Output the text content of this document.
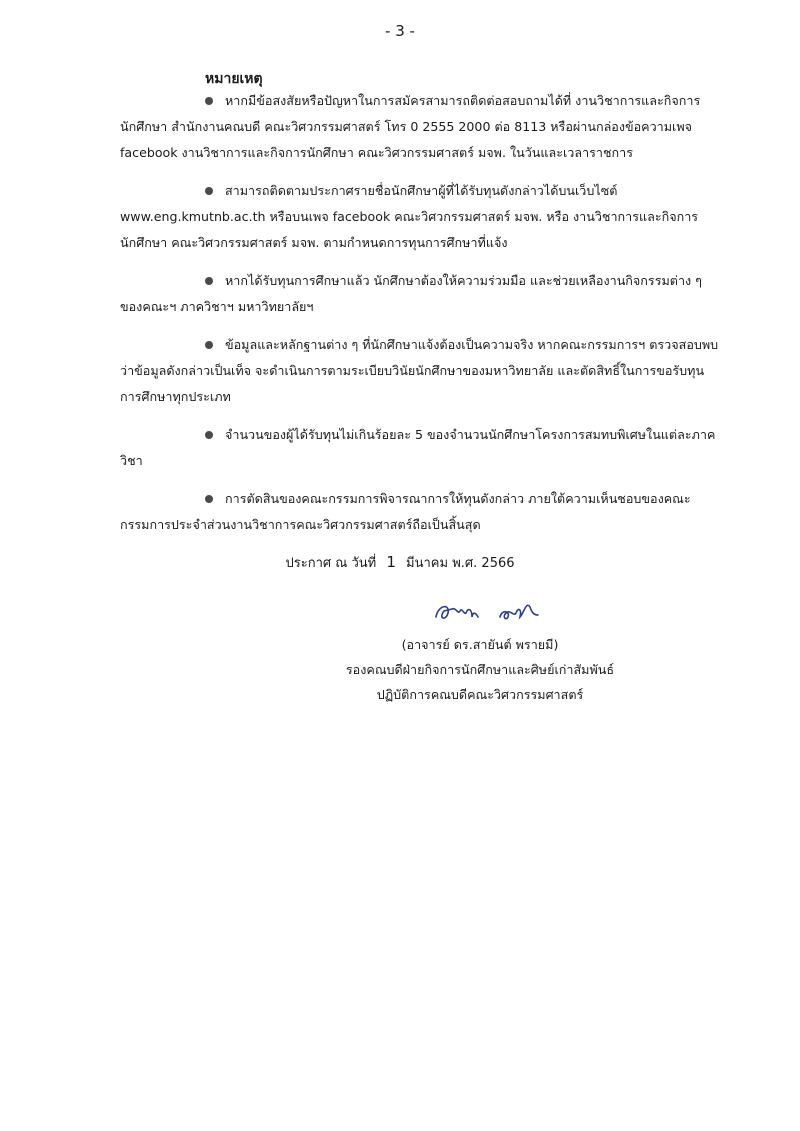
- 3 -
หมายเหตุ
หากมีข้อสงสัยหรือปัญหาในการสมัครสามารถติดต่อสอบถามได้ที่ งานวิชาการและกิจการนักศึกษา สำนักงานคณบดี คณะวิศวกรรมศาสตร์ โทร 0 2555 2000 ต่อ 8113 หรือผ่านกล่องข้อความเพจ facebook งานวิชาการและกิจการนักศึกษา คณะวิศวกรรมศาสตร์ มจพ. ในวันและเวลาราชการ
สามารถติดตามประกาศรายชื่อนักศึกษาผู้ที่ได้รับทุนดังกล่าวได้บนเว็บไซต์ www.eng.kmutnb.ac.th หรือบนเพจ facebook คณะวิศวกรรมศาสตร์ มจพ. หรือ งานวิชาการและกิจการนักศึกษา คณะวิศวกรรมศาสตร์ มจพ. ตามกำหนดการทุนการศึกษาที่แจ้ง
หากได้รับทุนการศึกษาแล้ว นักศึกษาต้องให้ความร่วมมือ และช่วยเหลืองานกิจกรรมต่าง ๆ ของคณะฯ ภาควิชาฯ มหาวิทยาลัยฯ
ข้อมูลและหลักฐานต่าง ๆ ที่นักศึกษาแจ้งต้องเป็นความจริง หากคณะกรรมการฯ ตรวจสอบพบว่าข้อมูลดังกล่าวเป็นเท็จ จะดำเนินการตามระเบียบวินัยนักศึกษาของมหาวิทยาลัย และตัดสิทธิ์ในการขอรับทุนการศึกษาทุกประเภท
จำนวนของผู้ได้รับทุนไม่เกินร้อยละ 5 ของจำนวนนักศึกษาโครงการสมทบพิเศษในแต่ละภาควิชา
การตัดสินของคณะกรรมการพิจารณาการให้ทุนดังกล่าว ภายใต้ความเห็นชอบของคณะกรรมการประจำส่วนงานวิชาการคณะวิศวกรรมศาสตร์ถือเป็นสิ้นสุด
ประกาศ ณ วันที่ 1 มีนาคม พ.ศ. 2566
(อาจารย์ ดร.สายันต์ พรายมี)
รองคณบดีฝ่ายกิจการนักศึกษาและศิษย์เก่าสัมพันธ์
ปฏิบัติการคณบดีคณะวิศวกรรมศาสตร์
